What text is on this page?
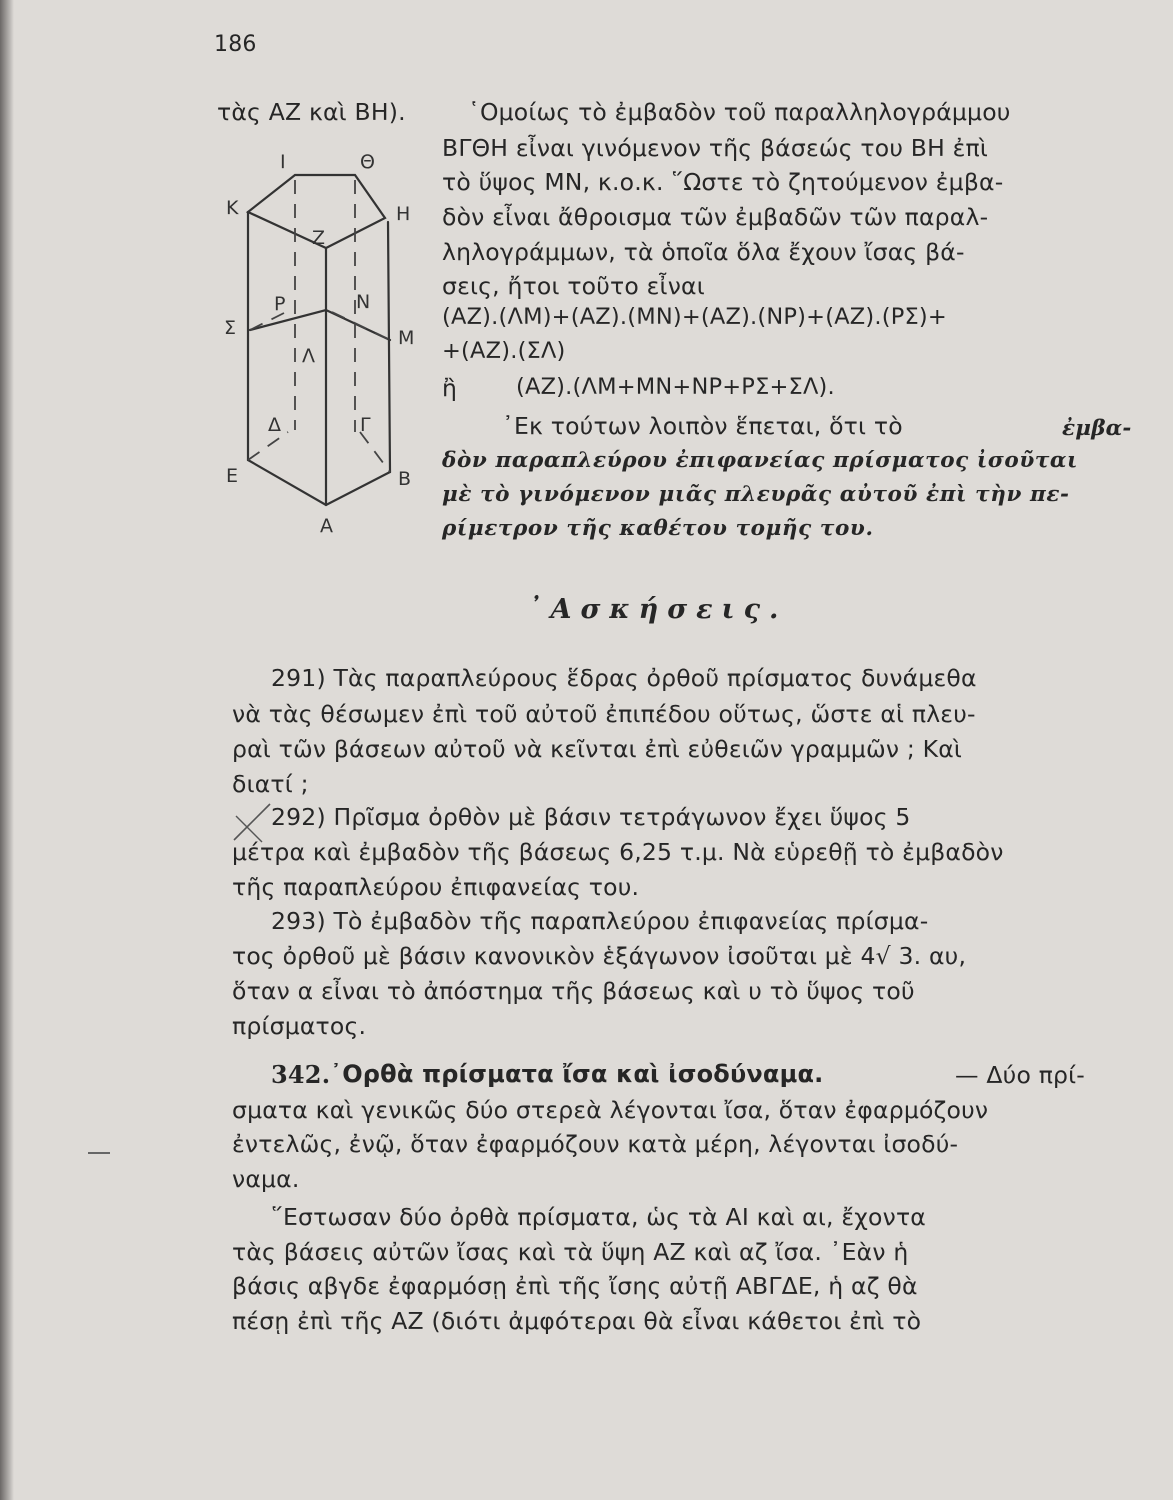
186
τὰς ΑΖ καὶ ΒΗ).	῾Ομοίως τὸ ἐμβαδὸν τοῦ παραλληλογράμμου
ΒΓΘΗ εἶναι γινόμενον τῆς βάσεώς του ΒΗ ἐπὶ
τὸ ὕψος ΜΝ, κ.ο.κ. ῞Ωστε τὸ ζητούμενον ἐμβα-
δὸν εἶναι ἄθροισμα τῶν ἐμβαδῶν τῶν παραλ-
ληλογράμμων, τὰ ὁποῖα ὅλα ἔχουν ἴσας βά-
σεις, ἤτοι τοῦτο εἶναι
(ΑΖ).(ΛΜ)+(ΑΖ).(ΜΝ)+(ΑΖ).(ΝΡ)+(ΑΖ).(ΡΣ)+
+(ΑΖ).(ΣΛ)
ἢ	(ΑΖ).(ΛΜ+ΜΝ+ΝΡ+ΡΣ+ΣΛ).
᾿Εκ τούτων λοιπὸν ἕπεται, ὅτι τὸ	ἐμβα-
δὸν παραπλεύρου ἐπιφανείας πρίσματος ἰσοῦται
μὲ τὸ γινόμενον μιᾶς πλευρᾶς αὐτοῦ ἐπὶ τὴν πε-
ρίμετρον τῆς καθέτου τομῆς του.
Ι	Θ
Κ	Η
Ζ
Ρ	Ν
Σ	Μ
Λ
Δ	Γ
Ε	Β
Α
᾿Ασκήσεις.
291) Τὰς παραπλεύρους ἕδρας ὀρθοῦ πρίσματος δυνάμεθα
νὰ τὰς θέσωμεν ἐπὶ τοῦ αὐτοῦ ἐπιπέδου οὕτως, ὥστε αἱ πλευ-
ραὶ τῶν βάσεων αὐτοῦ νὰ κεῖνται ἐπὶ εὐθειῶν γραμμῶν ; Καὶ
διατί ;
292) Πρῖσμα ὀρθὸν μὲ βάσιν τετράγωνον ἔχει ὕψος 5
μέτρα καὶ ἐμβαδὸν τῆς βάσεως 6,25 τ.μ. Νὰ εὑρεθῇ τὸ ἐμβαδὸν
τῆς παραπλεύρου ἐπιφανείας του.
293) Τὸ ἐμβαδὸν τῆς παραπλεύρου ἐπιφανείας πρίσμα-
τος ὀρθοῦ μὲ βάσιν κανονικὸν ἑξάγωνον ἰσοῦται μὲ 4√ 3. αυ,
ὅταν α εἶναι τὸ ἀπόστημα τῆς βάσεως καὶ υ τὸ ὕψος τοῦ
πρίσματος.
342. ᾿Ορθὰ πρίσματα ἴσα καὶ ἰσοδύναμα.	— Δύο πρί-
σματα καὶ γενικῶς δύο στερεὰ λέγονται ἴσα, ὅταν ἐφαρμόζουν
ἐντελῶς, ἐνῷ, ὅταν ἐφαρμόζουν κατὰ μέρη, λέγονται ἰσοδύ-
ναμα.
῞Εστωσαν δύο ὀρθὰ πρίσματα, ὡς τὰ ΑΙ καὶ αι, ἔχοντα
τὰς βάσεις αὐτῶν ἴσας καὶ τὰ ὕψη ΑΖ καὶ αζ ἴσα. ᾿Εὰν ἡ
βάσις αβγδε ἐφαρμόσῃ ἐπὶ τῆς ἴσης αὐτῇ ΑΒΓΔΕ, ἡ αζ θὰ
πέσῃ ἐπὶ τῆς ΑΖ (διότι ἀμφότεραι θὰ εἶναι κάθετοι ἐπὶ τὸ
